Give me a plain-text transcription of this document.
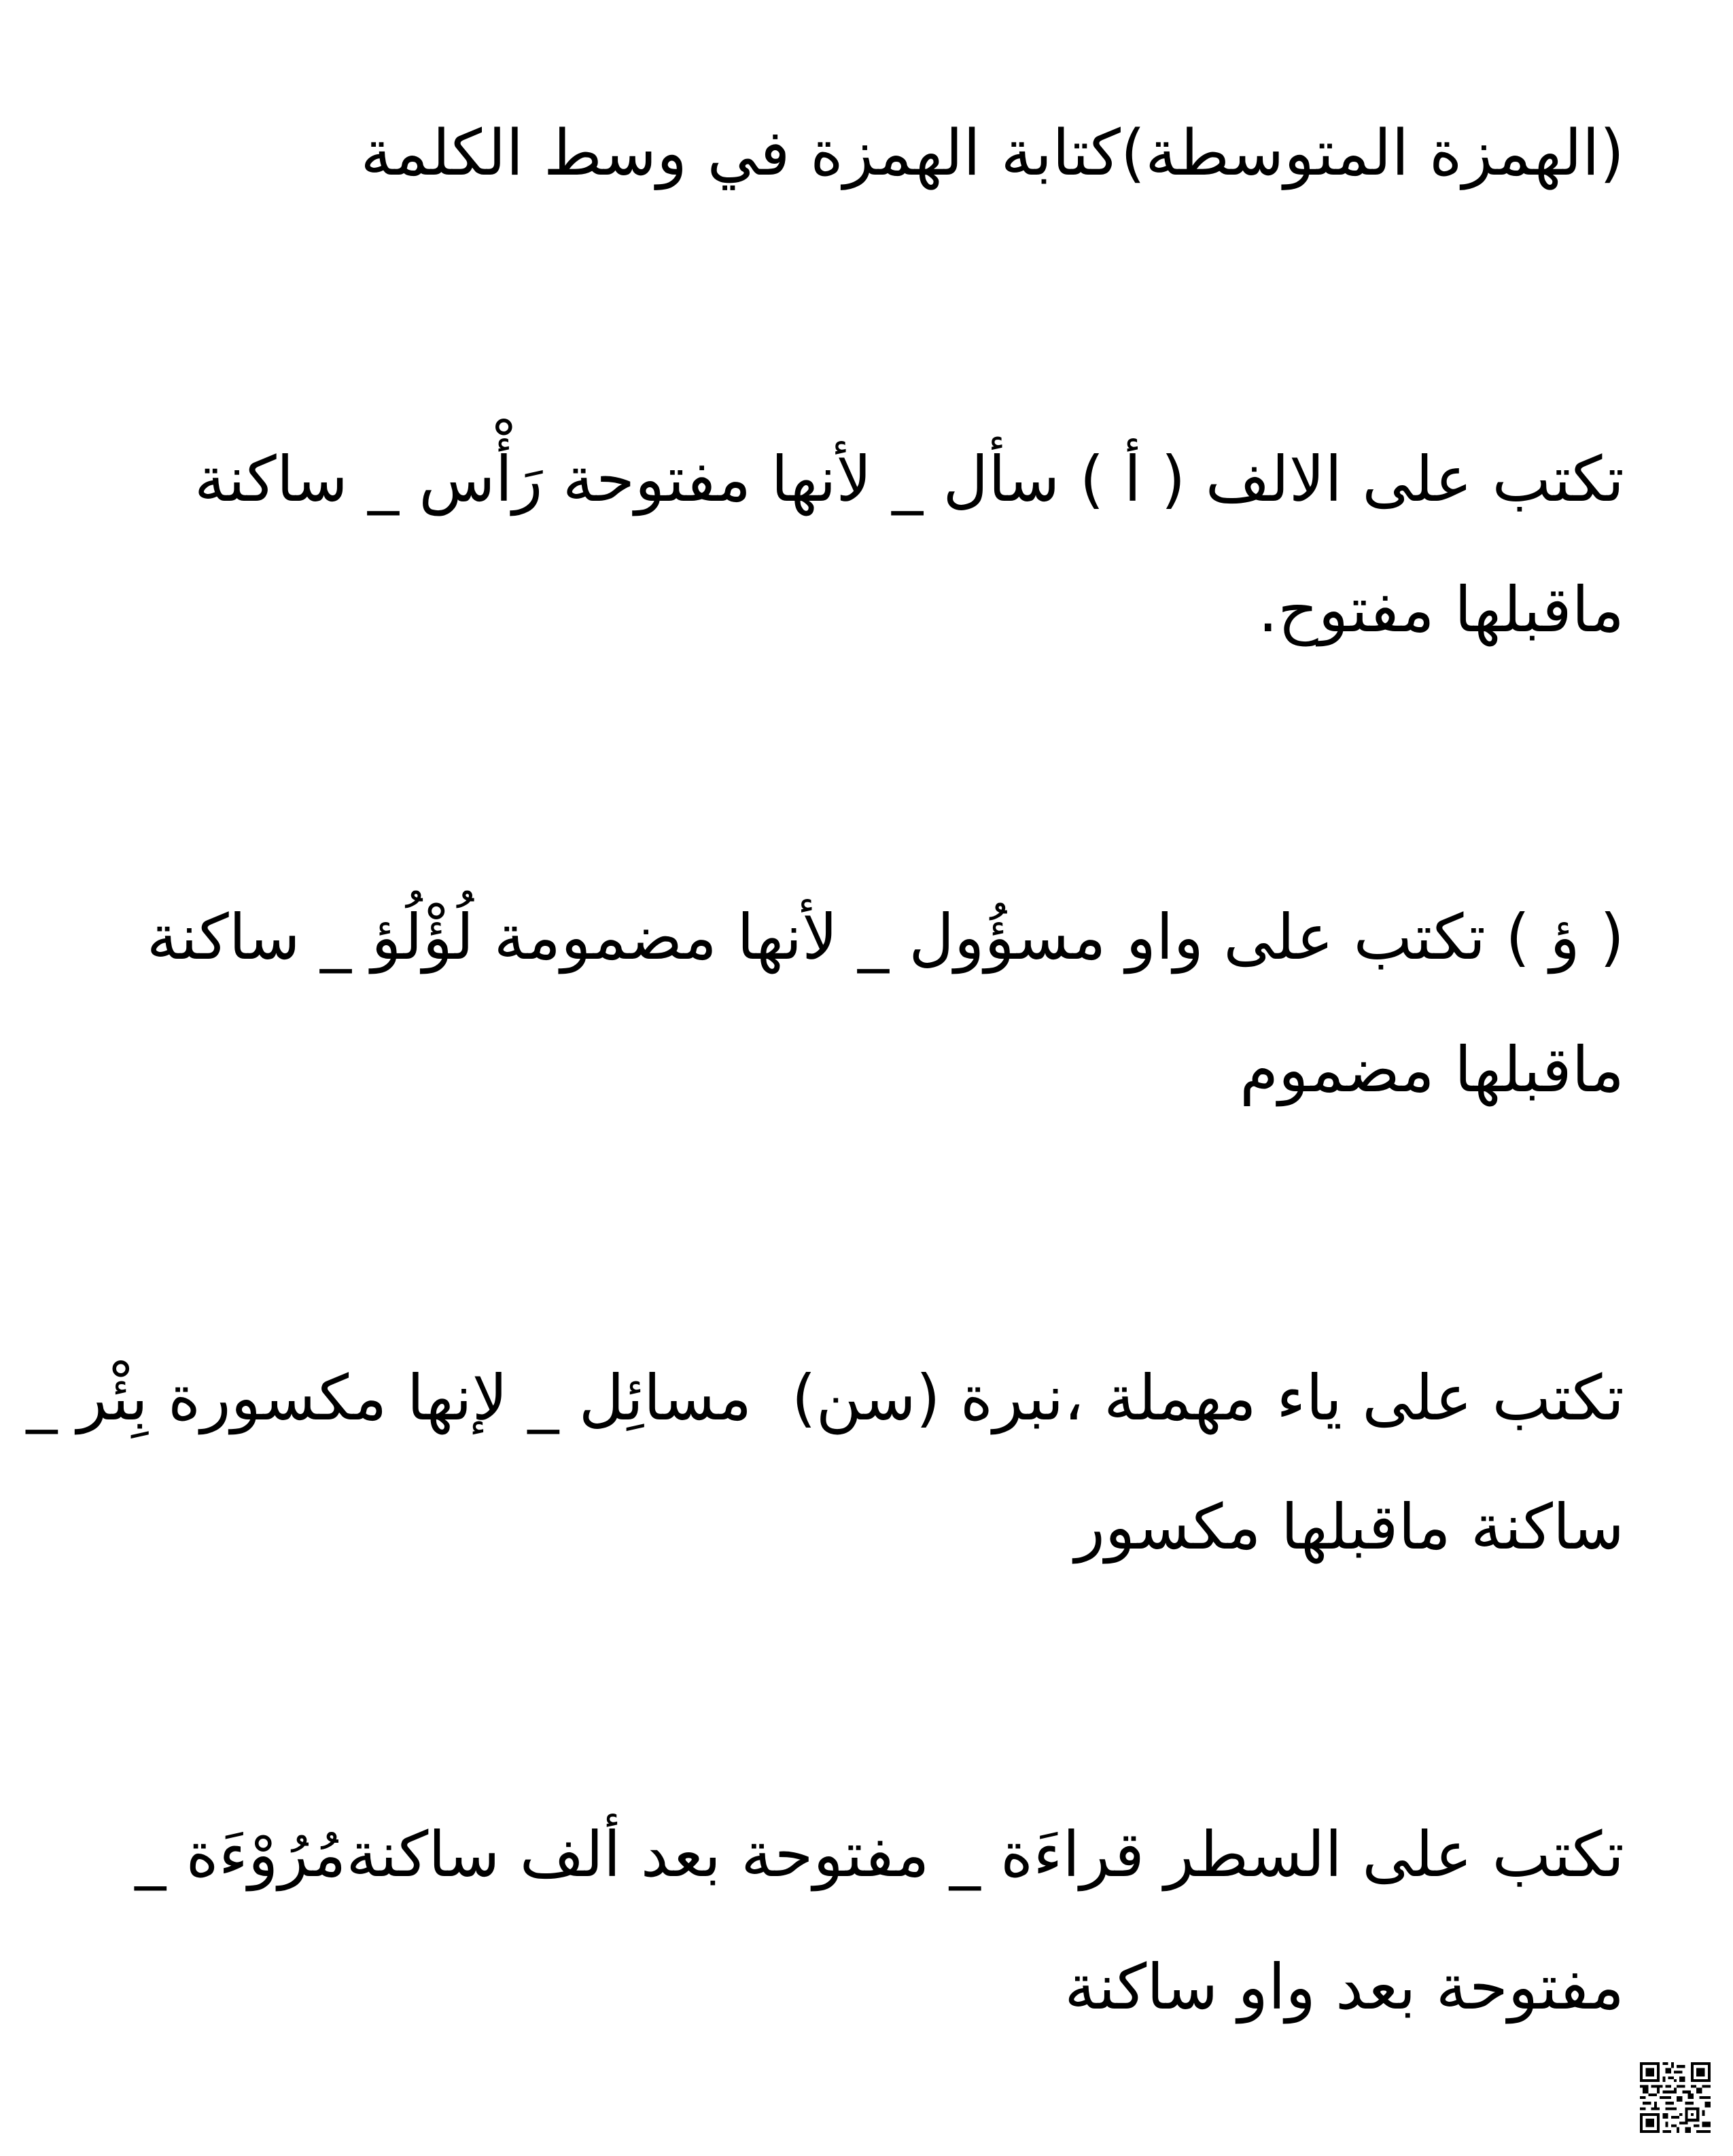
(الهمزة المتوسطة)كتابة الهمزة في وسط الكلمة
تكتب على الالف ( أ ) سأل _ لأنها مفتوحة رَأْس _ ساكنة
ماقبلها مفتوح.
( ؤ ) تكتب على واو مسؤُول _ لأنها مضمومة لُؤْلُؤ _ ساكنة
ماقبلها مضموم
تكتب على ياء مهملة ،نبرة (سن)  مسائِل _ لإنها مكسورة بِئْر _
ساكنة ماقبلها مكسور
تكتب على السطر قراءَة _ مفتوحة بعد ألف ساكنةمُرُوْءَة _
مفتوحة بعد واو ساكنة
